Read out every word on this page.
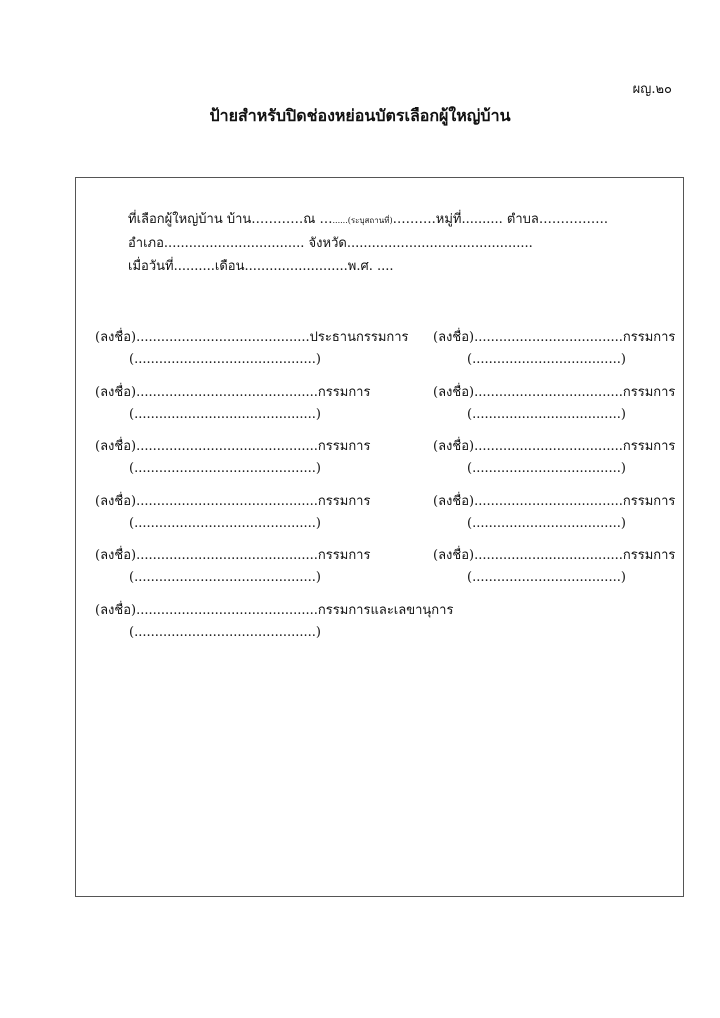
ผญ.๒๐
ป้ายสำหรับปิดช่องหย่อนบัตรเลือกผู้ใหญ่บ้าน
ที่เลือกผู้ใหญ่บ้าน บ้าน…………ณ …......(ระบุสถานที่)……….หมู่ที่.......... ตำบล…………….
อำเภอ.................................. จังหวัด.............................................
เมื่อวันที่..........เดือน.........................พ.ศ. ....
(ลงชื่อ)..........................................ประธานกรรมการ
(............................................)
(ลงชื่อ)............................................กรรมการ
(............................................)
(ลงชื่อ)............................................กรรมการ
(............................................)
(ลงชื่อ)............................................กรรมการ
(............................................)
(ลงชื่อ)............................................กรรมการ
(............................................)
(ลงชื่อ)............................................กรรมการและเลขานุการ
(............................................)
(ลงชื่อ)....................................กรรมการ
(....................................)
(ลงชื่อ)....................................กรรมการ
(....................................)
(ลงชื่อ)....................................กรรมการ
(....................................)
(ลงชื่อ)....................................กรรมการ
(....................................)
(ลงชื่อ)....................................กรรมการ
(....................................)
